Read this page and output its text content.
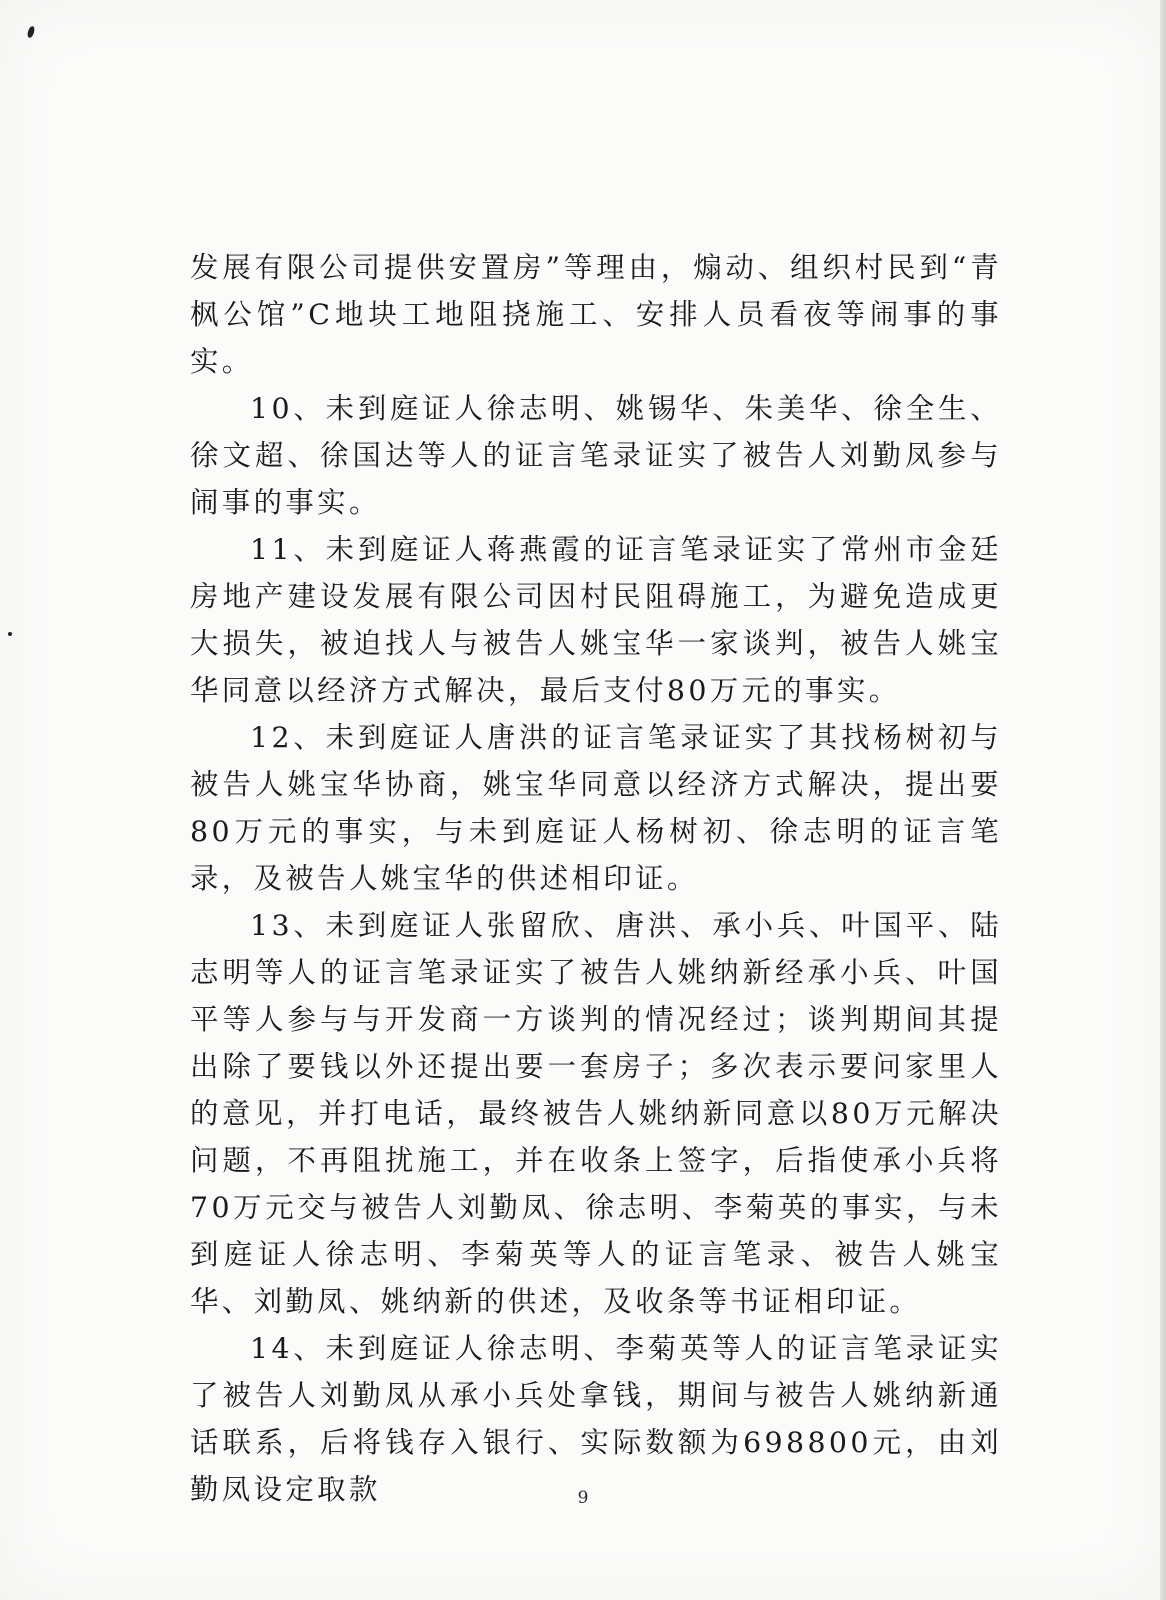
发展有限公司提供安置房”等理由，煽动、组织村民到“青枫公馆”C地块工地阻挠施工、安排人员看夜等闹事的事实。

10、未到庭证人徐志明、姚锡华、朱美华、徐全生、徐文超、徐国达等人的证言笔录证实了被告人刘勤凤参与闹事的事实。

11、未到庭证人蒋燕霞的证言笔录证实了常州市金廷房地产建设发展有限公司因村民阻碍施工，为避免造成更大损失，被迫找人与被告人姚宝华一家谈判，被告人姚宝华同意以经济方式解决，最后支付80万元的事实。

12、未到庭证人唐洪的证言笔录证实了其找杨树初与被告人姚宝华协商，姚宝华同意以经济方式解决，提出要80万元的事实，与未到庭证人杨树初、徐志明的证言笔录，及被告人姚宝华的供述相印证。

13、未到庭证人张留欣、唐洪、承小兵、叶国平、陆志明等人的证言笔录证实了被告人姚纳新经承小兵、叶国平等人参与与开发商一方谈判的情况经过；谈判期间其提出除了要钱以外还提出要一套房子；多次表示要问家里人的意见，并打电话，最终被告人姚纳新同意以80万元解决问题，不再阻扰施工，并在收条上签字，后指使承小兵将70万元交与被告人刘勤凤、徐志明、李菊英的事实，与未到庭证人徐志明、李菊英等人的证言笔录、被告人姚宝华、刘勤凤、姚纳新的供述，及收条等书证相印证。

14、未到庭证人徐志明、李菊英等人的证言笔录证实了被告人刘勤凤从承小兵处拿钱，期间与被告人姚纳新通话联系，后将钱存入银行、实际数额为698800元，由刘勤凤设定取款	9
